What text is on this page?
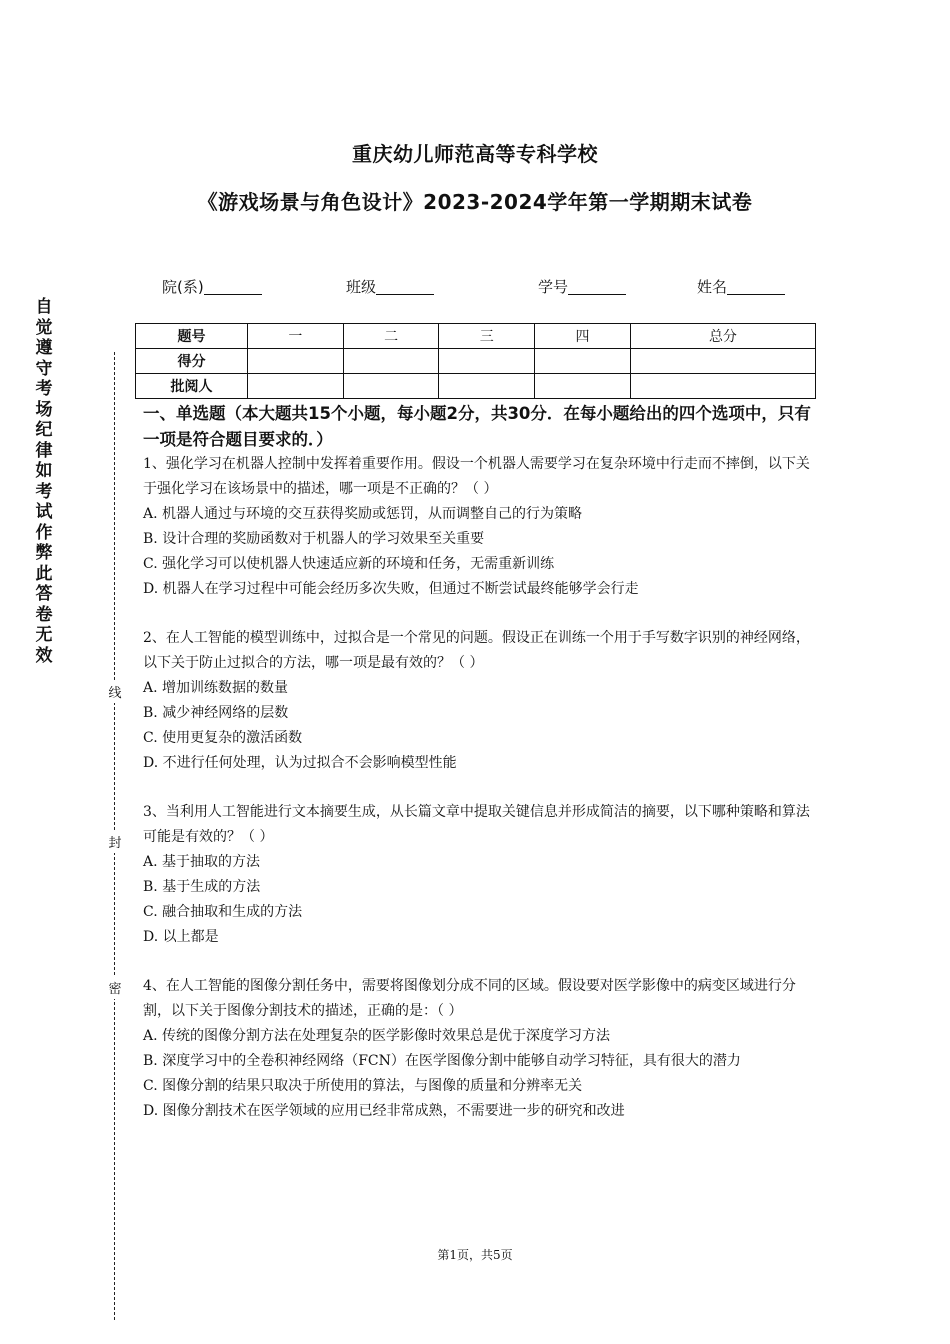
重庆幼儿师范高等专科学校
《游戏场景与角色设计》2023-2024学年第一学期期末试卷
院(系)	班级	学号	姓名
题号	一	二	三	四	总分
得分					
批阅人					
一、单选题（本大题共15个小题，每小题2分，共30分．在每小题给出的四个选项中，只有一项是符合题目要求的．）

1、强化学习在机器人控制中发挥着重要作用。假设一个机器人需要学习在复杂环境中行走而不摔倒，以下关于强化学习在该场景中的描述，哪一项是不正确的？（ ）

A. 机器人通过与环境的交互获得奖励或惩罚，从而调整自己的行为策略

B. 设计合理的奖励函数对于机器人的学习效果至关重要

C. 强化学习可以使机器人快速适应新的环境和任务，无需重新训练

D. 机器人在学习过程中可能会经历多次失败，但通过不断尝试最终能够学会行走

2、在人工智能的模型训练中，过拟合是一个常见的问题。假设正在训练一个用于手写数字识别的神经网络，以下关于防止过拟合的方法，哪一项是最有效的？（ ）

A. 增加训练数据的数量

B. 减少神经网络的层数

C. 使用更复杂的激活函数

D. 不进行任何处理，认为过拟合不会影响模型性能

3、当利用人工智能进行文本摘要生成，从长篇文章中提取关键信息并形成简洁的摘要，以下哪种策略和算法可能是有效的？（ ）

A. 基于抽取的方法

B. 基于生成的方法

C. 融合抽取和生成的方法

D. 以上都是

4、在人工智能的图像分割任务中，需要将图像划分成不同的区域。假设要对医学影像中的病变区域进行分割，以下关于图像分割技术的描述，正确的是：（ ）

A. 传统的图像分割方法在处理复杂的医学影像时效果总是优于深度学习方法

B. 深度学习中的全卷积神经网络（FCN）在医学图像分割中能够自动学习特征，具有很大的潜力

C. 图像分割的结果只取决于所使用的算法，与图像的质量和分辨率无关

D. 图像分割技术在医学领域的应用已经非常成熟，不需要进一步的研究和改进

自
觉
遵
守
考
场
纪
律
如
考
试
作
弊
此
答
卷
无
效
线
封
密
第1页，共5页
